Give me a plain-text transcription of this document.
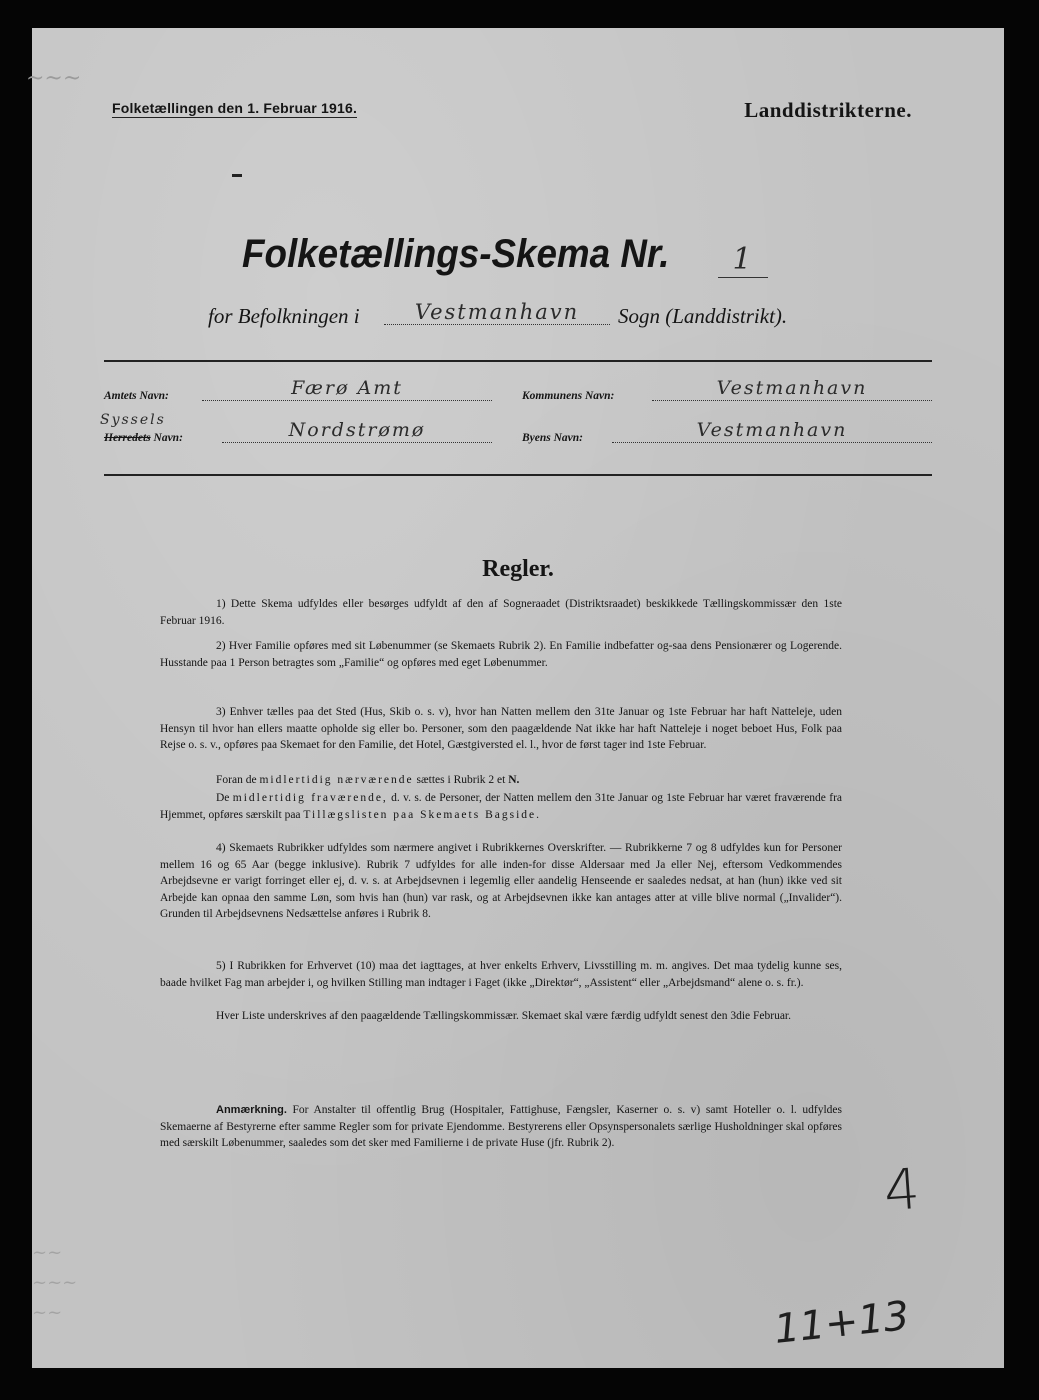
~~~
Folketællingen den 1. Februar 1916.	Landdistrikterne.
Folketællings-Skema Nr.	1
for Befolkningen i	Vestmanhavn	Sogn (Landdistrikt).
Amtets Navn:	Færø Amt	Kommunens Navn:	Vestmanhavn
Syssels
Herredets Navn:	Nordstrømø	Byens Navn:	Vestmanhavn
Regler.
1) Dette Skema udfyldes eller besørges udfyldt af den af Sogneraadet (Distriktsraadet) beskikkede Tællingskommissær den 1ste Februar 1916.
2) Hver Familie opføres med sit Løbenummer (se Skemaets Rubrik 2). En Familie indbefatter og-saa dens Pensionærer og Logerende. Husstande paa 1 Person betragtes som „Familie“ og opføres med eget Løbenummer.
3) Enhver tælles paa det Sted (Hus, Skib o. s. v), hvor han Natten mellem den 31te Januar og 1ste Februar har haft Natteleje, uden Hensyn til hvor han ellers maatte opholde sig eller bo. Personer, som den paagældende Nat ikke har haft Natteleje i noget beboet Hus, Folk paa Rejse o. s. v., opføres paa Skemaet for den Familie, det Hotel, Gæstgiversted el. l., hvor de først tager ind 1ste Februar.
Foran de midlertidig nærværende sættes i Rubrik 2 et N.
De midlertidig fraværende, d. v. s. de Personer, der Natten mellem den 31te Januar og 1ste Februar har været fraværende fra Hjemmet, opføres særskilt paa Tillægslisten paa Skemaets Bagside.
4) Skemaets Rubrikker udfyldes som nærmere angivet i Rubrikkernes Overskrifter. — Rubrikkerne 7 og 8 udfyldes kun for Personer mellem 16 og 65 Aar (begge inklusive). Rubrik 7 udfyldes for alle inden-for disse Aldersaar med Ja eller Nej, eftersom Vedkommendes Arbejdsevne er varigt forringet eller ej, d. v. s. at Arbejdsevnen i legemlig eller aandelig Henseende er saaledes nedsat, at han (hun) ikke ved sit Arbejde kan opnaa den samme Løn, som hvis han (hun) var rask, og at Arbejdsevnen ikke kan antages atter at ville blive normal („Invalider“). Grunden til Arbejdsevnens Nedsættelse anføres i Rubrik 8.
5) I Rubrikken for Erhvervet (10) maa det iagttages, at hver enkelts Erhverv, Livsstilling m. m. angives. Det maa tydelig kunne ses, baade hvilket Fag man arbejder i, og hvilken Stilling man indtager i Faget (ikke „Direktør“, „Assistent“ eller „Arbejdsmand“ alene o. s. fr.).
Hver Liste underskrives af den paagældende Tællingskommissær. Skemaet skal være færdig udfyldt senest den 3die Februar.
Anmærkning. For Anstalter til offentlig Brug (Hospitaler, Fattighuse, Fængsler, Kaserner o. s. v) samt Hoteller o. l. udfyldes Skemaerne af Bestyrerne efter samme Regler som for private Ejendomme. Bestyrerens eller Opsynspersonalets særlige Husholdninger skal opføres med særskilt Løbenummer, saaledes som det sker med Familierne i de private Huse (jfr. Rubrik 2).
4
11+13
~~
~~~
~~
